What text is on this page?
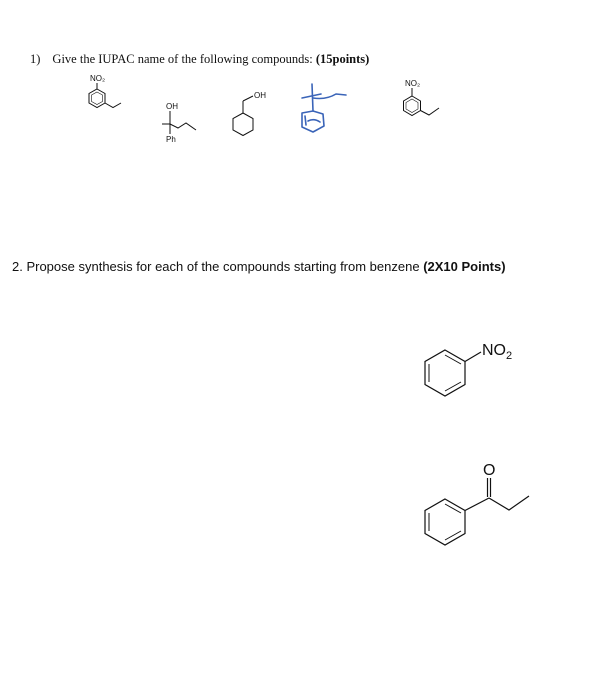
1) Give the IUPAC name of the following compounds: (15points)
NO₂
OH
Ph
OH
NO₂
2. Propose synthesis for each of the compounds starting from benzene (2X10 Points)
$NO_2$
O
